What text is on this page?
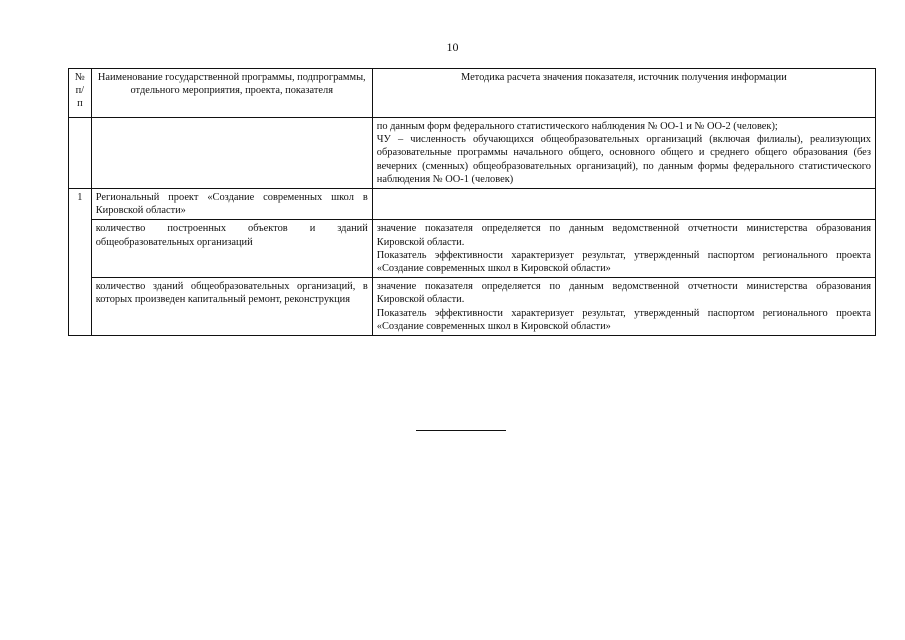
10
№ п/п	Наименование государственной программы, подпрограммы, отдельного мероприятия, проекта, показателя	Методика расчета значения показателя, источник получения информации

		по данным форм федерального статистического наблюдения № ОО-1 и № ОО-2 (человек);
ЧУ – численность обучающихся общеобразовательных организаций (включая филиалы), реализующих образовательные программы начального общего, основного общего и среднего общего образования (без вечерних (сменных) общеобразовательных организаций), по данным формы федерального статистического наблюдения № ОО-1 (человек)

1	Региональный проект «Создание современных школ в Кировской области»	
	количество построенных объектов и зданий общеобразовательных организаций	значение показателя определяется по данным ведомственной отчетности министерства образования Кировской области.
Показатель эффективности характеризует результат, утвержденный паспортом регионального проекта «Создание современных школ в Кировской области»

	количество зданий общеобразовательных организаций, в которых произведен капитальный ремонт, реконструкция	значение показателя определяется по данным ведомственной отчетности министерства образования Кировской области.
Показатель эффективности характеризует результат, утвержденный паспортом регионального проекта «Создание современных школ в Кировской области»
